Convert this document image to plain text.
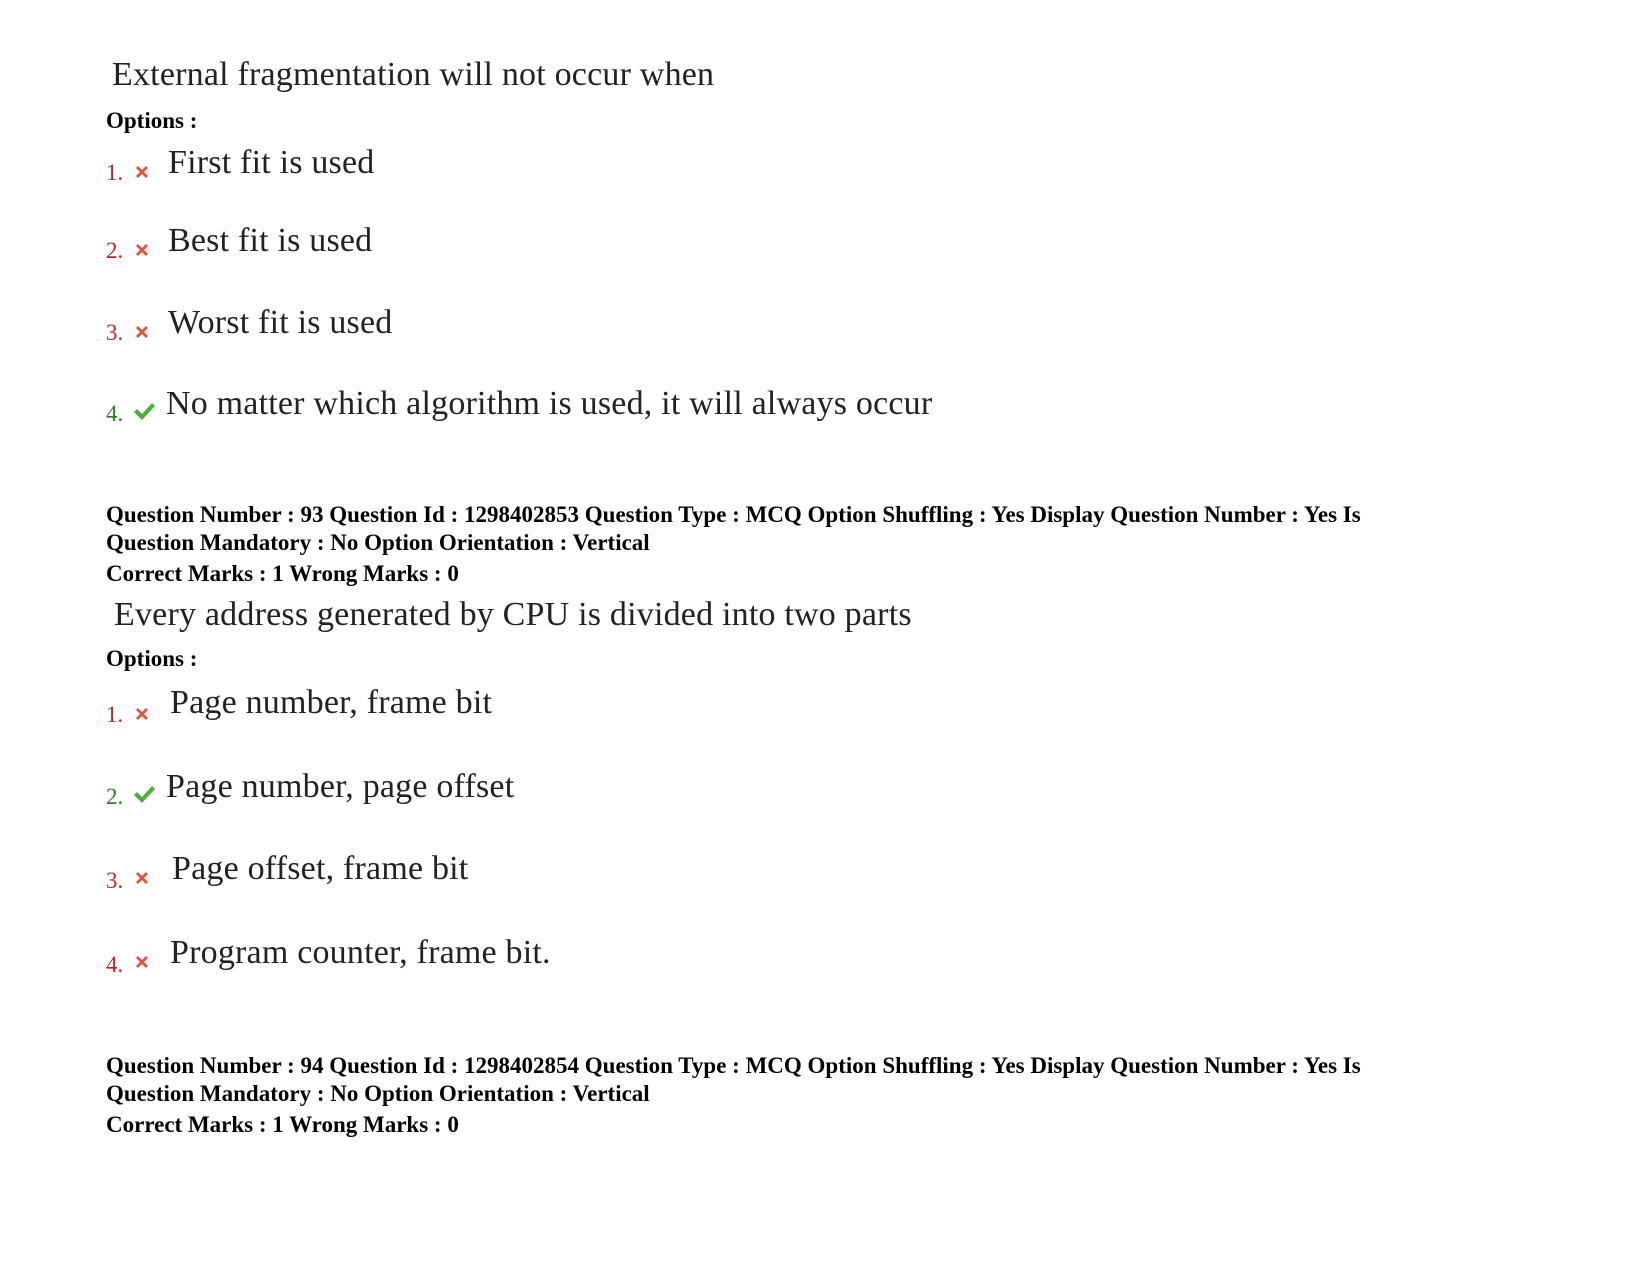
External fragmentation will not occur when
Options :
1. First fit is used
2. Best fit is used
3. Worst fit is used
4. No matter which algorithm is used, it will always occur
Question Number : 93 Question Id : 1298402853 Question Type : MCQ Option Shuffling : Yes Display Question Number : Yes Is
Question Mandatory : No Option Orientation : Vertical
Correct Marks : 1 Wrong Marks : 0
Every address generated by CPU is divided into two parts
Options :
1. Page number, frame bit
2. Page number, page offset
3. Page offset, frame bit
4. Program counter, frame bit.
Question Number : 94 Question Id : 1298402854 Question Type : MCQ Option Shuffling : Yes Display Question Number : Yes Is
Question Mandatory : No Option Orientation : Vertical
Correct Marks : 1 Wrong Marks : 0
